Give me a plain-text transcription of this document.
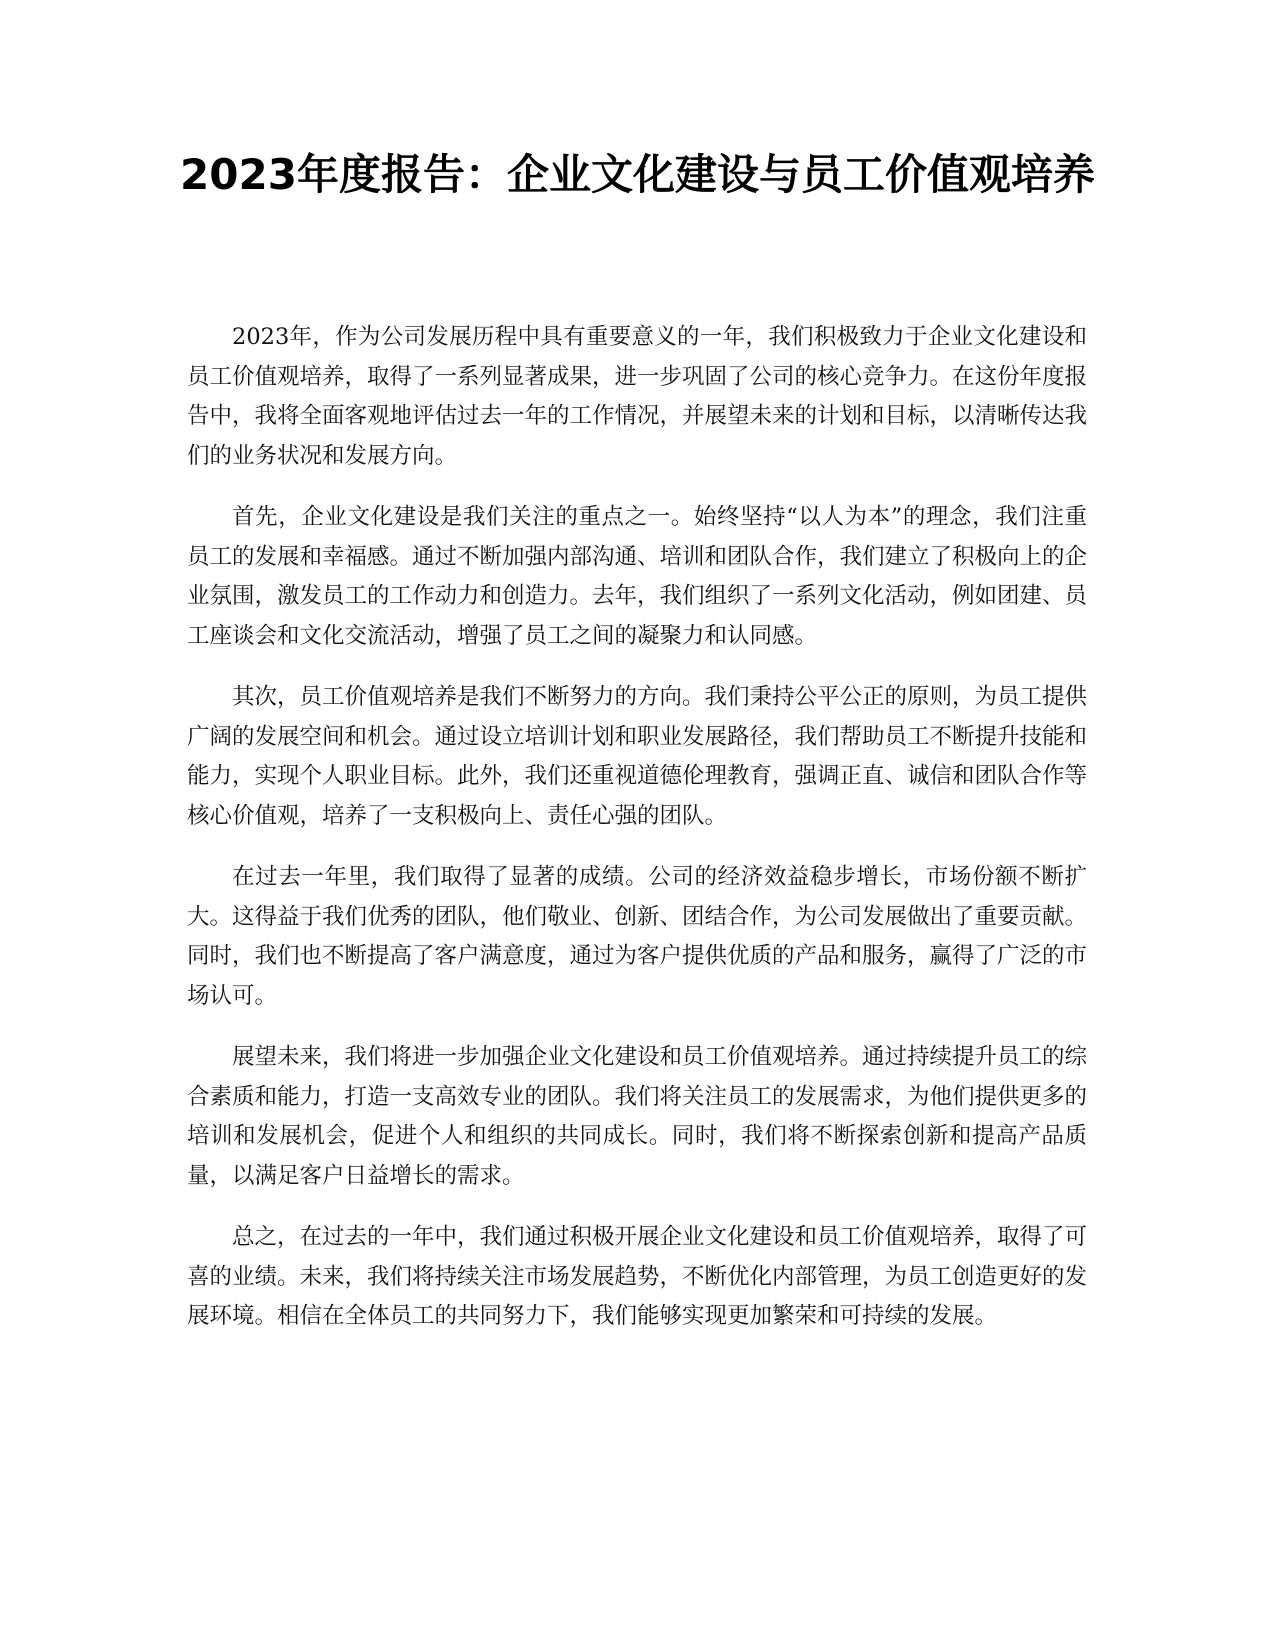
2023年度报告：企业文化建设与员工价值观培养

2023年，作为公司发展历程中具有重要意义的一年，我们积极致力于企业文化建设和员工价值观培养，取得了一系列显著成果，进一步巩固了公司的核心竞争力。在这份年度报告中，我将全面客观地评估过去一年的工作情况，并展望未来的计划和目标，以清晰传达我们的业务状况和发展方向。

首先，企业文化建设是我们关注的重点之一。始终坚持“以人为本”的理念，我们注重员工的发展和幸福感。通过不断加强内部沟通、培训和团队合作，我们建立了积极向上的企业氛围，激发员工的工作动力和创造力。去年，我们组织了一系列文化活动，例如团建、员工座谈会和文化交流活动，增强了员工之间的凝聚力和认同感。

其次，员工价值观培养是我们不断努力的方向。我们秉持公平公正的原则，为员工提供广阔的发展空间和机会。通过设立培训计划和职业发展路径，我们帮助员工不断提升技能和能力，实现个人职业目标。此外，我们还重视道德伦理教育，强调正直、诚信和团队合作等核心价值观，培养了一支积极向上、责任心强的团队。

在过去一年里，我们取得了显著的成绩。公司的经济效益稳步增长，市场份额不断扩大。这得益于我们优秀的团队，他们敬业、创新、团结合作，为公司发展做出了重要贡献。同时，我们也不断提高了客户满意度，通过为客户提供优质的产品和服务，赢得了广泛的市场认可。

展望未来，我们将进一步加强企业文化建设和员工价值观培养。通过持续提升员工的综合素质和能力，打造一支高效专业的团队。我们将关注员工的发展需求，为他们提供更多的培训和发展机会，促进个人和组织的共同成长。同时，我们将不断探索创新和提高产品质量，以满足客户日益增长的需求。

总之，在过去的一年中，我们通过积极开展企业文化建设和员工价值观培养，取得了可喜的业绩。未来，我们将持续关注市场发展趋势，不断优化内部管理，为员工创造更好的发展环境。相信在全体员工的共同努力下，我们能够实现更加繁荣和可持续的发展。
